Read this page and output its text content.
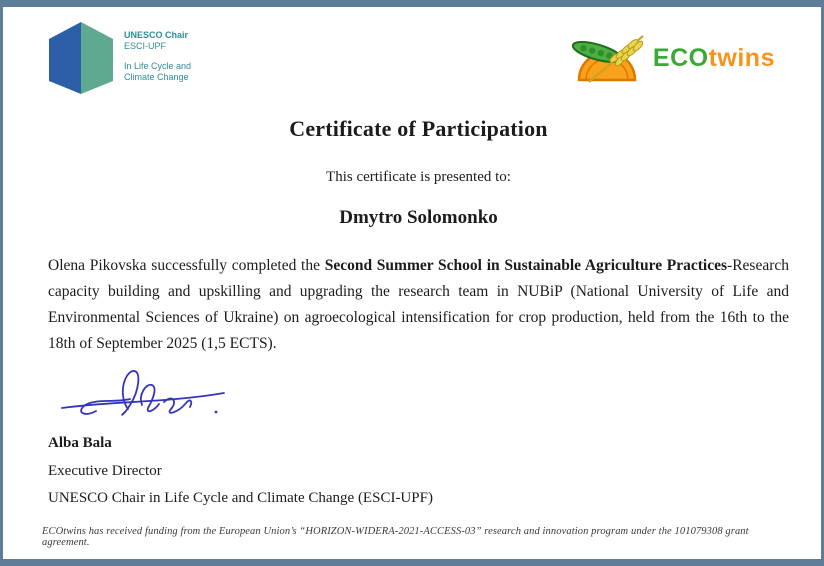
UNESCO Chair
ESCI-UPF
In Life Cycle and
Climate Change
ECOtwins
Certificate of Participation
This certificate is presented to:
Dmytro Solomonko

Olena Pikovska successfully completed the Second Summer School in Sustainable Agriculture Practices-Research capacity building and upskilling and upgrading the research team in NUBiP (National University of Life and Environmental Sciences of Ukraine) on agroecological intensification for crop production, held from the 16th to the 18th of September 2025 (1,5 ECTS).

Alba Bala
Executive Director
UNESCO Chair in Life Cycle and Climate Change (ESCI-UPF)
ECOtwins has received funding from the European Union’s “HORIZON-WIDERA-2021-ACCESS-03” research and innovation program under the 101079308 grant agreement.
